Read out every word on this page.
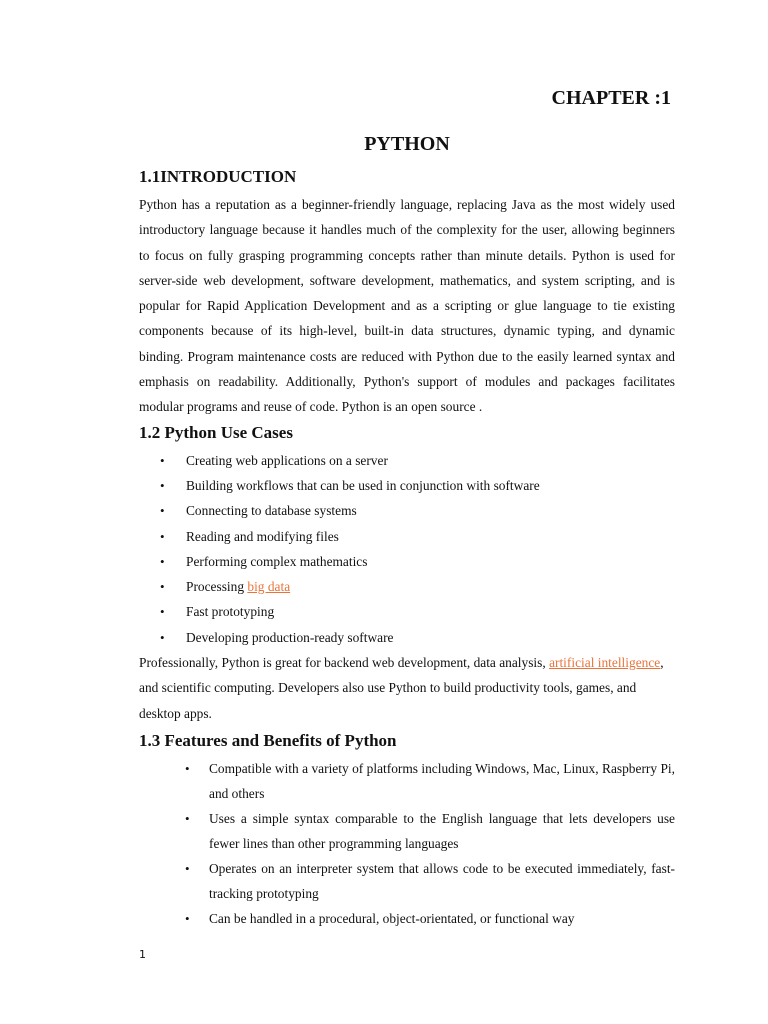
CHAPTER :1
PYTHON
1.1INTRODUCTION

Python has a reputation as a beginner-friendly language, replacing Java as the most widely used introductory language because it handles much of the complexity for the user, allowing beginners to focus on fully grasping programming concepts rather than minute details. Python is used for server-side web development, software development, mathematics, and system scripting, and is popular for Rapid Application Development and as a scripting or glue language to tie existing components because of its high-level, built-in data structures, dynamic typing, and dynamic binding. Program maintenance costs are reduced with Python due to the easily learned syntax and emphasis on readability. Additionally, Python's support of modules and packages facilitates modular programs and reuse of code. Python is an open source .

1.2 Python Use Cases
• Creating web applications on a server
• Building workflows that can be used in conjunction with software
• Connecting to database systems
• Reading and modifying files
• Performing complex mathematics
• Processing big data
• Fast prototyping
• Developing production-ready software

Professionally, Python is great for backend web development, data analysis, artificial intelligence, and scientific computing. Developers also use Python to build productivity tools, games, and desktop apps.

1.3 Features and Benefits of Python
• Compatible with a variety of platforms including Windows, Mac, Linux, Raspberry Pi, and others
• Uses a simple syntax comparable to the English language that lets developers use fewer lines than other programming languages
• Operates on an interpreter system that allows code to be executed immediately, fast-tracking prototyping
• Can be handled in a procedural, object-orientated, or functional way
1
